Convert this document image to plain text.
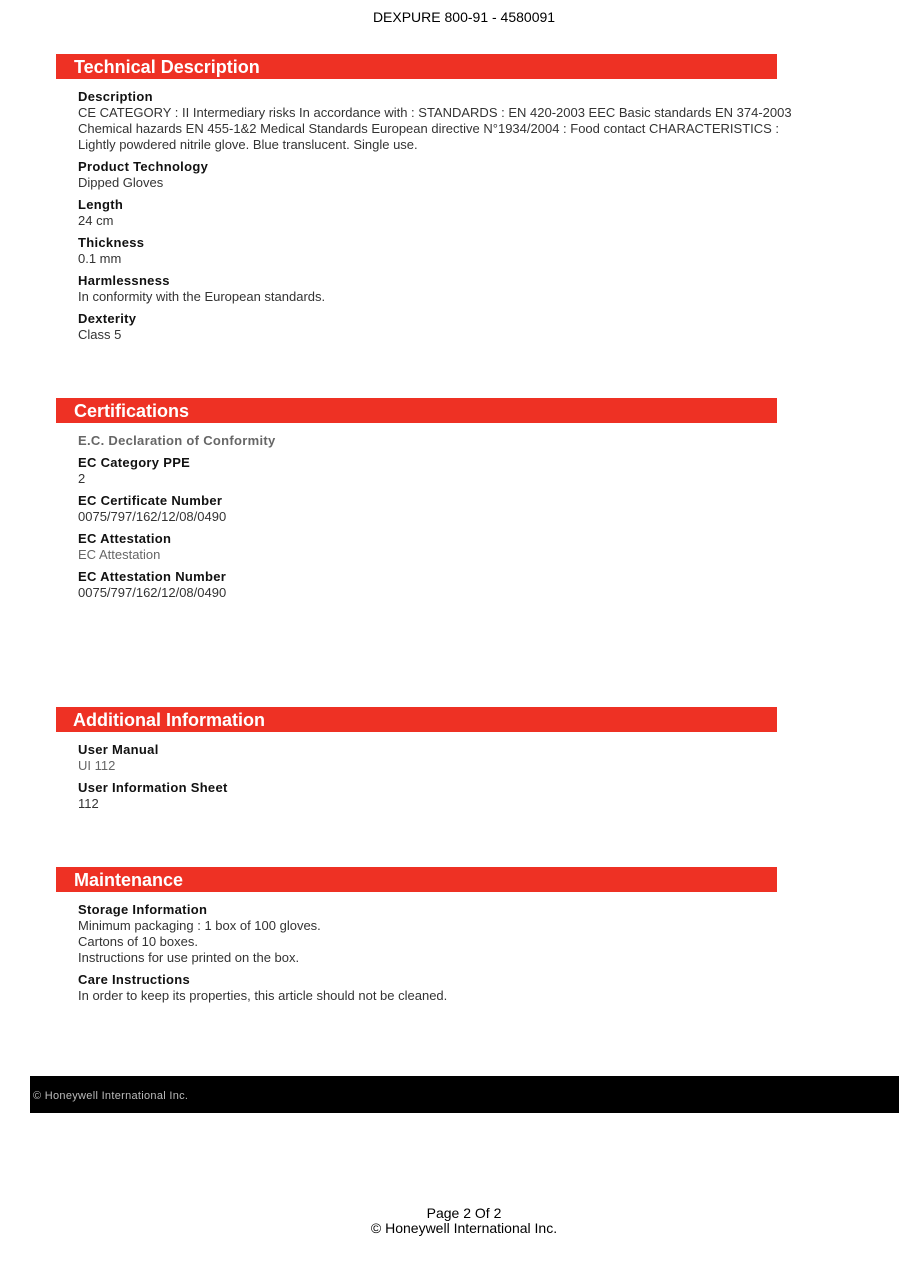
DEXPURE 800-91 - 4580091
Technical Description
Description
CE CATEGORY : II Intermediary risks In accordance with : STANDARDS : EN 420-2003 EEC Basic standards EN 374-2003 Chemical hazards EN 455-1&2 Medical Standards European directive N°1934/2004 : Food contact CHARACTERISTICS : Lightly powdered nitrile glove. Blue translucent. Single use.
Product Technology
Dipped Gloves
Length
24 cm
Thickness
0.1 mm
Harmlessness
In conformity with the European standards.
Dexterity
Class 5
Certifications
E.C. Declaration of Conformity
EC Category PPE
2
EC Certificate Number
0075/797/162/12/08/0490
EC Attestation
EC Attestation
EC Attestation Number
0075/797/162/12/08/0490
Additional Information
User Manual
UI 112
User Information Sheet
112
Maintenance
Storage Information
Minimum packaging : 1 box of 100 gloves.
Cartons of 10 boxes.
Instructions for use printed on the box.
Care Instructions
In order to keep its properties, this article should not be cleaned.
© Honeywell International Inc.
Page 2 Of 2
© Honeywell International Inc.
